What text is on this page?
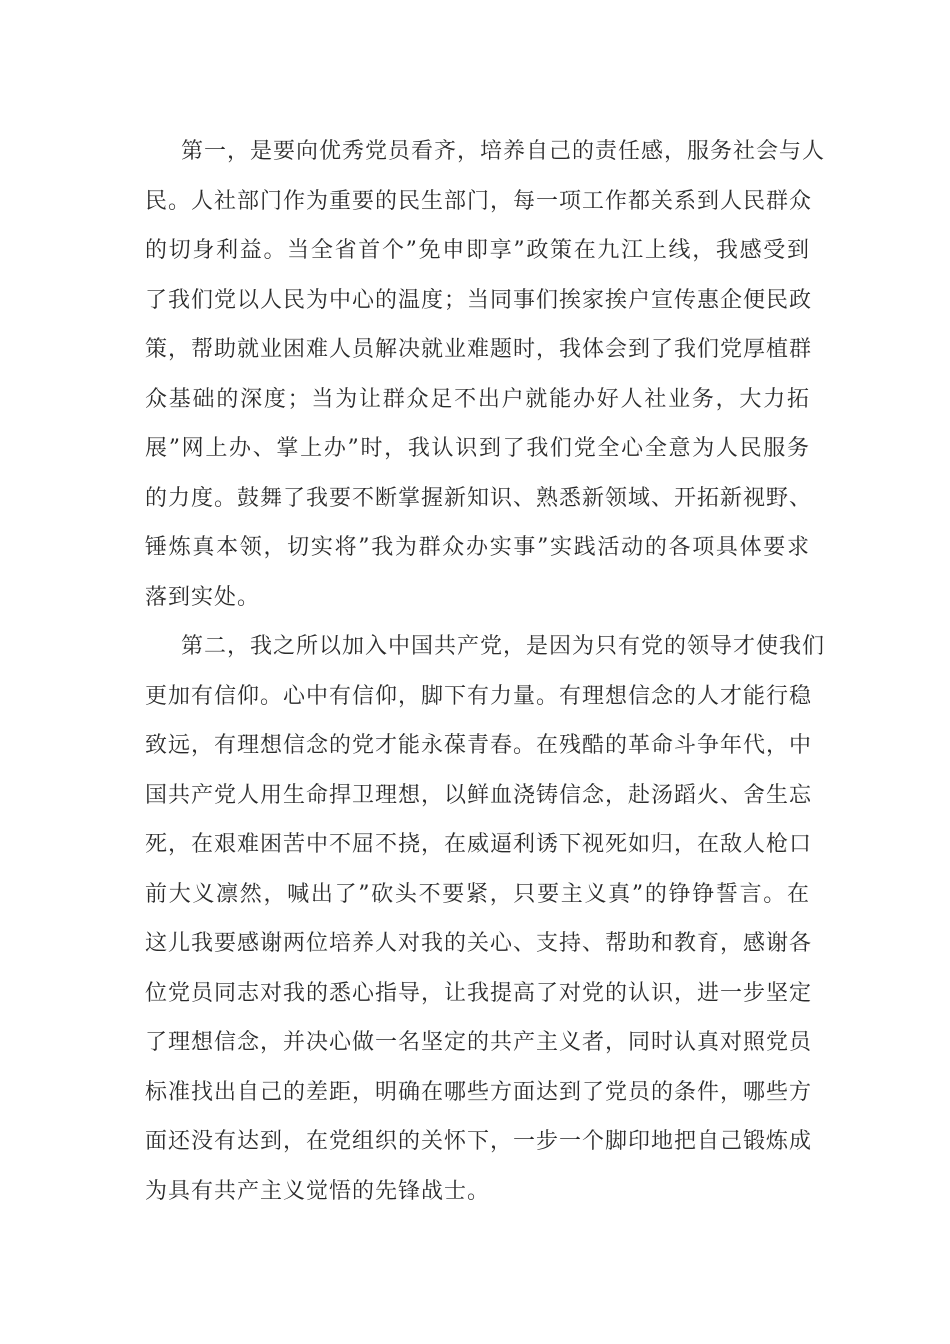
第一，是要向优秀党员看齐，培养自己的责任感，服务社会与人
民。人社部门作为重要的民生部门，每一项工作都关系到人民群众
的切身利益。当全省首个”免申即享”政策在九江上线，我感受到
了我们党以人民为中心的温度；当同事们挨家挨户宣传惠企便民政
策，帮助就业困难人员解决就业难题时，我体会到了我们党厚植群
众基础的深度；当为让群众足不出户就能办好人社业务，大力拓
展”网上办、掌上办”时，我认识到了我们党全心全意为人民服务
的力度。鼓舞了我要不断掌握新知识、熟悉新领域、开拓新视野、
锤炼真本领，切实将”我为群众办实事”实践活动的各项具体要求
落到实处。
第二，我之所以加入中国共产党，是因为只有党的领导才使我们
更加有信仰。心中有信仰，脚下有力量。有理想信念的人才能行稳
致远，有理想信念的党才能永葆青春。在残酷的革命斗争年代，中
国共产党人用生命捍卫理想，以鲜血浇铸信念，赴汤蹈火、舍生忘
死，在艰难困苦中不屈不挠，在威逼利诱下视死如归，在敌人枪口
前大义凛然，喊出了”砍头不要紧，只要主义真”的铮铮誓言。在
这儿我要感谢两位培养人对我的关心、支持、帮助和教育，感谢各
位党员同志对我的悉心指导，让我提高了对党的认识，进一步坚定
了理想信念，并决心做一名坚定的共产主义者，同时认真对照党员
标准找出自己的差距，明确在哪些方面达到了党员的条件，哪些方
面还没有达到，在党组织的关怀下，一步一个脚印地把自己锻炼成
为具有共产主义觉悟的先锋战士。
